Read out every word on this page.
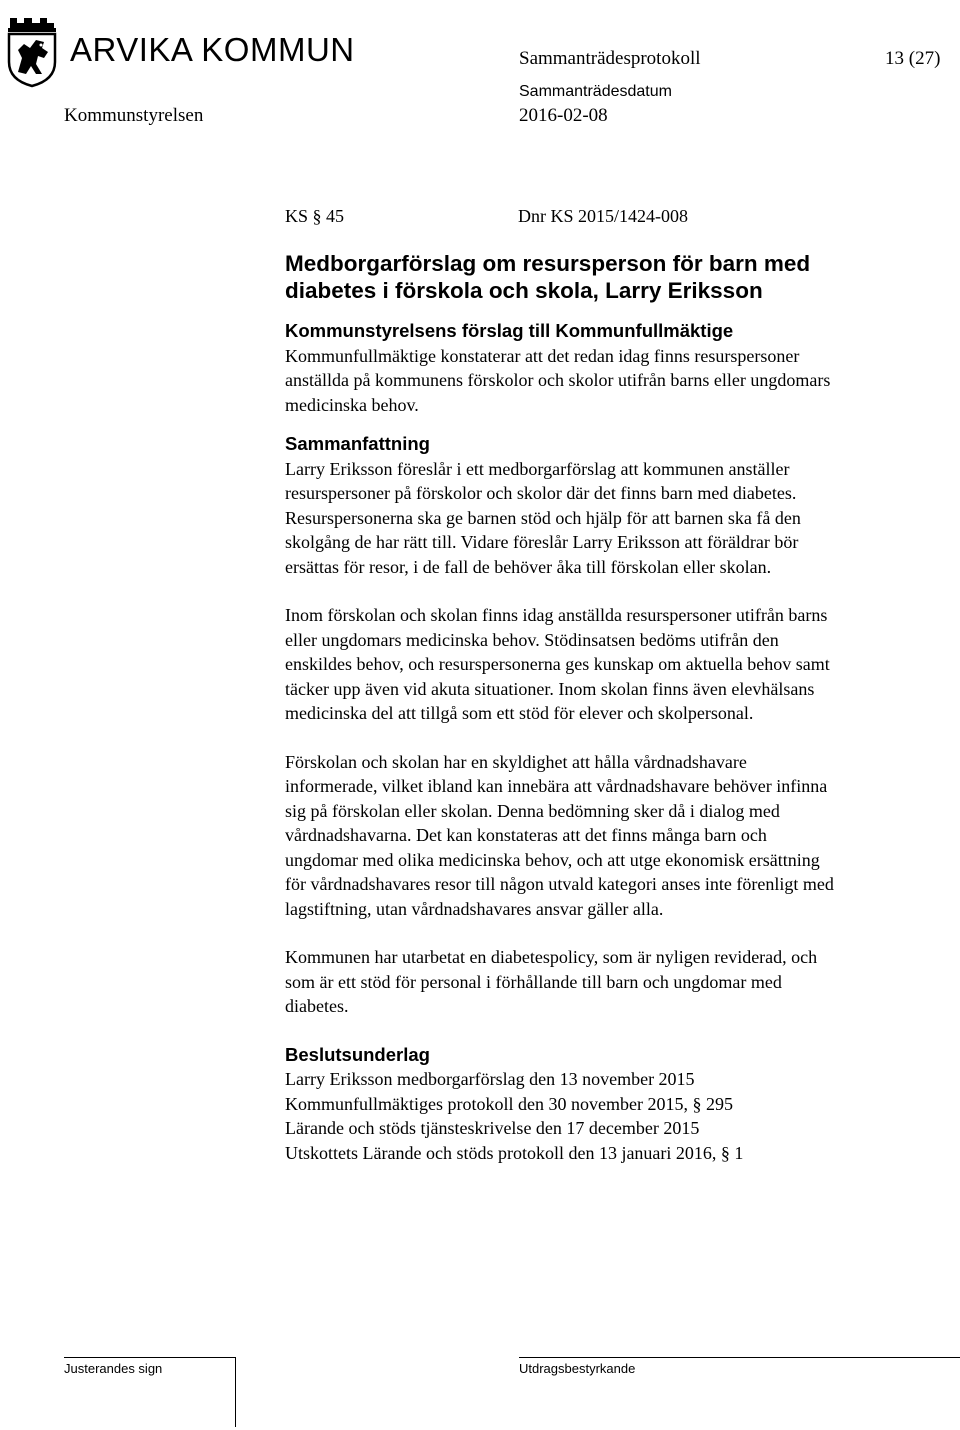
ARVIKA KOMMUN	Sammanträdesprotokoll	13 (27)
Sammanträdesdatum
Kommunstyrelsen	2016-02-08
KS § 45	Dnr KS 2015/1424-008
Medborgarförslag om resursperson för barn med
diabetes i förskola och skola, Larry Eriksson
Kommunstyrelsens förslag till Kommunfullmäktige
Kommunfullmäktige konstaterar att det redan idag finns resurspersoner
anställda på kommunens förskolor och skolor utifrån barns eller ungdomars
medicinska behov.
Sammanfattning
Larry Eriksson föreslår i ett medborgarförslag att kommunen anställer
resurspersoner på förskolor och skolor där det finns barn med diabetes.
Resurspersonerna ska ge barnen stöd och hjälp för att barnen ska få den
skolgång de har rätt till. Vidare föreslår Larry Eriksson att föräldrar bör
ersättas för resor, i de fall de behöver åka till förskolan eller skolan.
Inom förskolan och skolan finns idag anställda resurspersoner utifrån barns
eller ungdomars medicinska behov. Stödinsatsen bedöms utifrån den
enskildes behov, och resurspersonerna ges kunskap om aktuella behov samt
täcker upp även vid akuta situationer. Inom skolan finns även elevhälsans
medicinska del att tillgå som ett stöd för elever och skolpersonal.
Förskolan och skolan har en skyldighet att hålla vårdnadshavare
informerade, vilket ibland kan innebära att vårdnadshavare behöver infinna
sig på förskolan eller skolan. Denna bedömning sker då i dialog med
vårdnadshavarna. Det kan konstateras att det finns många barn och
ungdomar med olika medicinska behov, och att utge ekonomisk ersättning
för vårdnadshavares resor till någon utvald kategori anses inte förenligt med
lagstiftning, utan vårdnadshavares ansvar gäller alla.
Kommunen har utarbetat en diabetespolicy, som är nyligen reviderad, och
som är ett stöd för personal i förhållande till barn och ungdomar med
diabetes.
Beslutsunderlag
Larry Eriksson medborgarförslag den 13 november 2015
Kommunfullmäktiges protokoll den 30 november 2015, § 295
Lärande och stöds tjänsteskrivelse den 17 december 2015
Utskottets Lärande och stöds protokoll den 13 januari 2016, § 1
Justerandes sign	Utdragsbestyrkande
